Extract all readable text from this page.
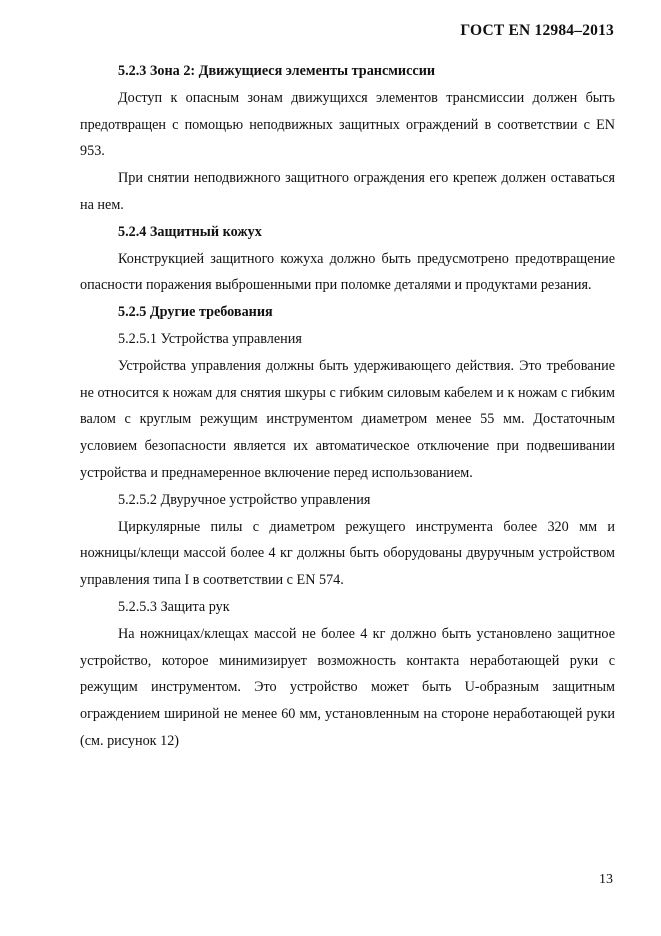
ГОСТ EN 12984–2013
5.2.3 Зона 2: Движущиеся элементы трансмиссии

Доступ к опасным зонам движущихся элементов трансмиссии должен быть предотвращен с помощью неподвижных защитных ограждений в соответствии с EN 953.

При снятии неподвижного защитного ограждения его крепеж должен оставаться на нем.

5.2.4 Защитный кожух

Конструкцией защитного кожуха должно быть предусмотрено предотвращение опасности поражения выброшенными при поломке деталями и продуктами резания.

5.2.5 Другие требования
5.2.5.1 Устройства управления

Устройства управления должны быть удерживающего действия. Это требование не относится к ножам для снятия шкуры с гибким силовым кабелем и к ножам с гибким валом с круглым режущим инструментом диаметром менее 55 мм. Достаточным условием безопасности является их автоматическое отключение при подвешивании устройства и преднамеренное включение перед использованием.

5.2.5.2 Двуручное устройство управления

Циркулярные пилы с диаметром режущего инструмента более 320 мм и ножницы/клещи массой более 4 кг должны быть оборудованы двуручным устройством управления типа I в соответствии с EN 574.

5.2.5.3 Защита рук

На ножницах/клещах массой не более 4 кг должно быть установлено защитное устройство, которое минимизирует возможность контакта неработающей руки с режущим инструментом. Это устройство может быть U-образным защитным ограждением шириной не менее 60 мм, установленным на стороне неработающей руки (см. рисунок 12)

13
